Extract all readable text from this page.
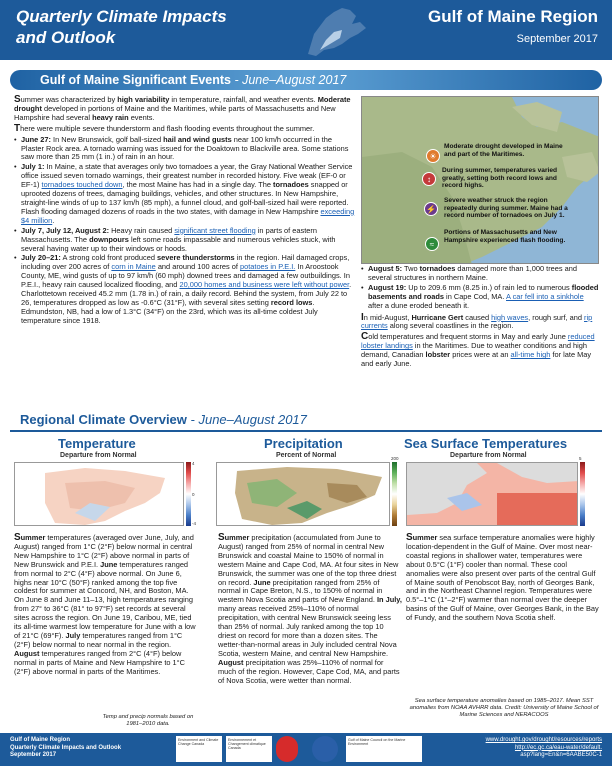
Quarterly Climate Impacts
and Outlook
Gulf of Maine Region
September 2017
Gulf of Maine Significant Events - June–August 2017

Summer was characterized by high variability in temperature, rainfall, and weather events. Moderate drought developed in portions of Maine and the Maritimes, while parts of Massachusetts and New Hampshire had several heavy rain events.

There were multiple severe thunderstorm and flash flooding events throughout the summer.

• June 27: In New Brunswick, golf ball-sized hail and wind gusts near 100 km/h occurred in the Plaster Rock area. A tornado warning was issued for the Doaktown to Blackville area. Some stations saw more than 25 mm (1 in.) of rain in an hour.
• July 1: In Maine, a state that averages only two tornadoes a year, the Gray National Weather Service office issued seven tornado warnings, their greatest number in recorded history. Five weak (EF-0 or EF-1) tornadoes touched down, the most Maine has had in a single day. The tornadoes snapped or uprooted dozens of trees, damaging buildings, vehicles, and other structures. In New Hampshire, straight-line winds of up to 137 km/h (85 mph), a funnel cloud, and golf-ball-sized hail were reported. Flash flooding damaged dozens of roads in the two states, with damage in New Hampshire exceeding $4 million.
• July 7, July 12, August 2: Heavy rain caused significant street flooding in parts of eastern Massachusetts. The downpours left some roads impassable and numerous vehicles stuck, with several having water up to their windows or hoods.
• July 20–21: A strong cold front produced severe thunderstorms in the region. Hail damaged crops, including over 200 acres of corn in Maine and around 100 acres of potatoes in P.E.I. In Aroostook County, ME, wind gusts of up to 97 km/h (60 mph) downed trees and damaged a few outbuildings. In P.E.I., heavy rain caused localized flooding, and 20,000 homes and business were left without power. Charlottetown received 45.2 mm (1.78 in.) of rain, a daily record. Behind the system, from July 22 to 26, temperatures dropped as low as -0.6°C (31°F), with several sites setting record lows. Edmundston, NB, had a low of 1.3°C (34°F) on the 23rd, which was its all-time coldest July temperature since 1918.
☀
↕
⚡
≈
Moderate drought developed in Maine and part of the Maritimes.
During summer, temperatures varied greatly, setting both record lows and record highs.
Severe weather struck the region repeatedly during summer. Maine had a record number of tornadoes on July 1.
Portions of Massachusetts and New Hampshire experienced flash flooding.
• August 5: Two tornadoes damaged more than 1,000 trees and several structures in northern Maine.
• August 19: Up to 209.6 mm (8.25 in.) of rain led to numerous flooded basements and roads in Cape Cod, MA. A car fell into a sinkhole after a dune eroded beneath it.

In mid-August, Hurricane Gert caused high waves, rough surf, and rip currents along several coastlines in the region.

Cold temperatures and frequent storms in May and early June reduced lobster landings in the Maritimes. Due to weather conditions and high demand, Canadian lobster prices were at an all-time high for late May and early June.

Regional Climate Overview - June–August 2017
Temperature
Departure from Normal
4
0
-4

Summer temperatures (averaged over June, July, and August) ranged from 1°C (2°F) below normal in central New Hampshire to 1°C (2°F) above normal in parts of New Brunswick and P.E.I. June temperatures ranged from normal to 2°C (4°F) above normal. On June 6, highs near 10°C (50°F) ranked among the top five coldest for summer at Concord, NH, and Boston, MA. On June 8 and June 11–13, high temperatures ranging from 27° to 36°C (81° to 97°F) set records at several sites across the region. On June 19, Caribou, ME, tied its all-time warmest low temperature for June with a low of 21°C (69°F). July temperatures ranged from 1°C (2°F) below normal to near normal in the region. August temperatures ranged from 2°C (4°F) below normal in parts of Maine and New Hampshire to 1°C (2°F) above normal in parts of the Maritimes.

Temp and precip normals based on 1981–2010 data.
Precipitation
Percent of Normal	200

Summer precipitation (accumulated from June to August) ranged from 25% of normal in central New Brunswick and coastal Maine to 150% of normal in western Maine and Cape Cod, MA. At four sites in New Brunswick, the summer was one of the top three driest on record. June precipitation ranged from 25% of normal in Cape Breton, N.S., to 150% of normal in western Nova Scotia and parts of New England. In July, many areas received 25%–110% of normal precipitation, with central New Brunswick seeing less than 25% of normal. July ranked among the top 10 driest on record for more than a dozen sites. The wetter-than-normal areas in July included central Nova Scotia, western Maine, and central New Hampshire. August precipitation was 25%–110% of normal for much of the region. However, Cape Cod, MA, and parts of Nova Scotia, were wetter than normal.

Sea Surface Temperatures
Departure from Normal	5

Summer sea surface temperature anomalies were highly location-dependent in the Gulf of Maine. Over most near-coastal regions in shallower water, temperatures were about 0.5°C (1°F) cooler than normal. These cool anomalies were also present over parts of the central Gulf of Maine south of Penobscot Bay, north of Georges Bank, and in the Northeast Channel region. Temperatures were 0.5°–1°C (1°–2°F) warmer than normal over the deeper basins of the Gulf of Maine, over Georges Bank, in the Bay of Fundy, and the southern Nova Scotia shelf.

Sea surface temperature anomalies based on 1985–2017. Mean SST anomalies from NOAA AVHRR data. Credit: University of Maine School of Marine Sciences and NERACOOS
Gulf of Maine Region
Quarterly Climate Impacts and Outlook
September 2017
Environment and Climate Change Canada
Environnement et Changement climatique Canada
Gulf of Maine Council on the Marine Environment
www.drought.gov/drought/resources/reports
http://ec.gc.ca/eau-water/default.
asp?lang=En&n=6AABE50C-1
